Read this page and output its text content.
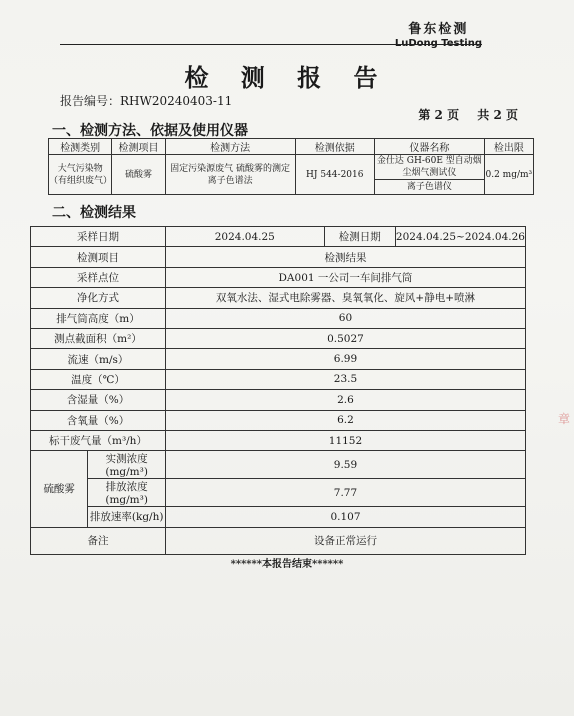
鲁东检测
LuDong Testing
检 测 报 告
报告编号：RHW20240403-11
第 2 页 共 2 页
一、检测方法、依据及使用仪器
检测类别	检测项目	检测方法	检测依据	仪器名称	检出限
大气污染物（有组织废气）	硫酸雾	固定污染源废气 硫酸雾的测定 离子色谱法	HJ 544-2016	金仕达 GH-60E 型自动烟尘烟气测试仪	0.2 mg/m³
				离子色谱仪	
二、检测结果
采样日期		2024.04.25	检测日期	2024.04.25~2024.04.26
检测项目		检测结果		
采样点位		DA001 一公司一车间排气筒		
净化方式		双氧水法、湿式电除雾器、臭氧氧化、旋风+静电+喷淋		
排气筒高度（m）		60		
测点截面积（m²）		0.5027		
流速（m/s）		6.99		
温度（℃）		23.5		
含湿量（%）		2.6		
含氧量（%）		6.2		
标干废气量（m³/h）		11152		
硫酸雾	实测浓度(mg/m³)	9.59		
	排放浓度(mg/m³)	7.77		
	排放速率(kg/h)	0.107		
备注		设备正常运行		
******本报告结束******
章
